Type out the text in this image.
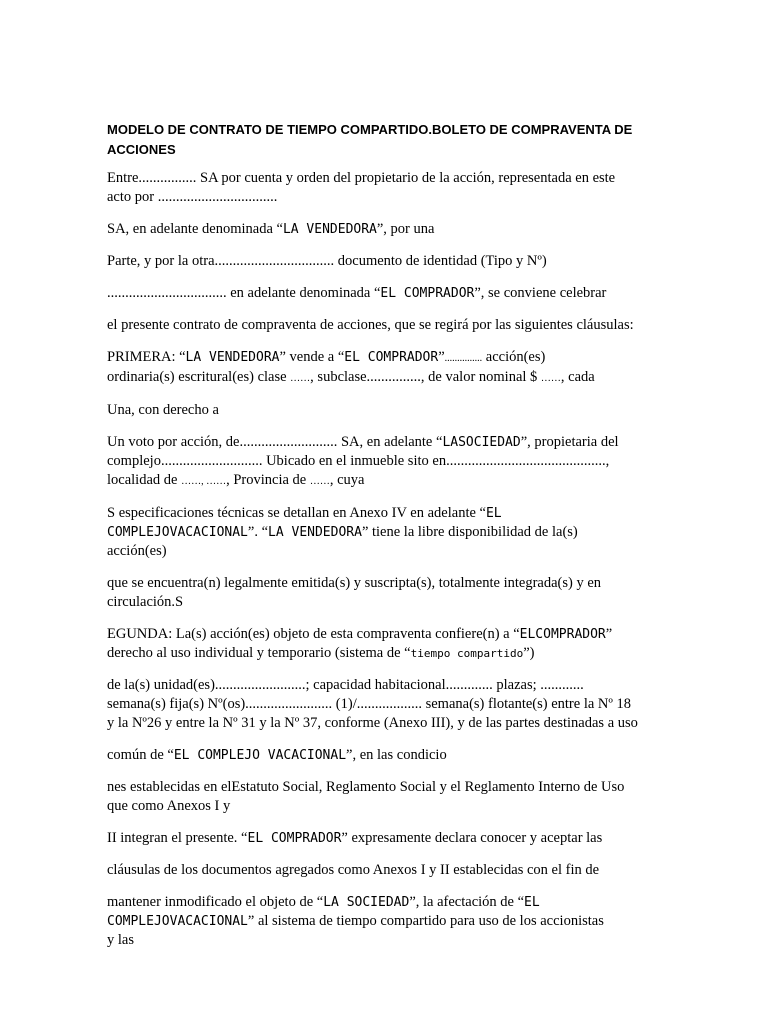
MODELO DE CONTRATO DE TIEMPO COMPARTIDO.BOLETO DE COMPRAVENTA DE ACCIONES
Entre................ SA por cuenta y orden del propietario de la acción, representada en este
acto por .................................
SA, en adelante denominada “LA VENDEDORA”, por una
Parte, y por la otra................................. documento de identidad (Tipo y Nº)
................................. en adelante denominada “EL COMPRADOR”, se conviene celebrar
el presente contrato de compraventa de acciones, que se regirá por las siguientes cláusulas:
PRIMERA: “LA VENDEDORA” vende a “EL COMPRADOR”............... acción(es)
ordinaria(s) escritural(es) clase ……, subclase..............., de valor nominal $ ……, cada
Una, con derecho a
Un voto por acción, de........................... SA, en adelante “LASOCIEDAD”, propietaria del
complejo............................ Ubicado en el inmueble sito en............................................,
localidad de ……, ……, Provincia de ……, cuya
S especificaciones técnicas se detallan en Anexo IV en adelante “EL
COMPLEJOVACACIONAL”. “LA VENDEDORA” tiene la libre disponibilidad de la(s)
acción(es)
que se encuentra(n) legalmente emitida(s) y suscripta(s), totalmente integrada(s) y en
circulación.S
EGUNDA: La(s) acción(es) objeto de esta compraventa confiere(n) a “ELCOMPRADOR”
derecho al uso individual y temporario (sistema de “tiempo compartido”)
de la(s) unidad(es).........................; capacidad habitacional............. plazas; ............
semana(s) fija(s) Nº(os)........................ (1)/.................. semana(s) flotante(s) entre la Nº 18
y la Nº26 y entre la Nº 31 y la Nº 37, conforme (Anexo III), y de las partes destinadas a uso
común de “EL COMPLEJO VACACIONAL”, en las condicio
nes establecidas en elEstatuto Social, Reglamento Social y el Reglamento Interno de Uso
que como Anexos I y
II integran el presente. “EL COMPRADOR” expresamente declara conocer y aceptar las
cláusulas de los documentos agregados como Anexos I y II establecidas con el fin de
mantener inmodificado el objeto de “LA SOCIEDAD”, la afectación de “EL
COMPLEJOVACACIONAL” al sistema de tiempo compartido para uso de los accionistas
y las
